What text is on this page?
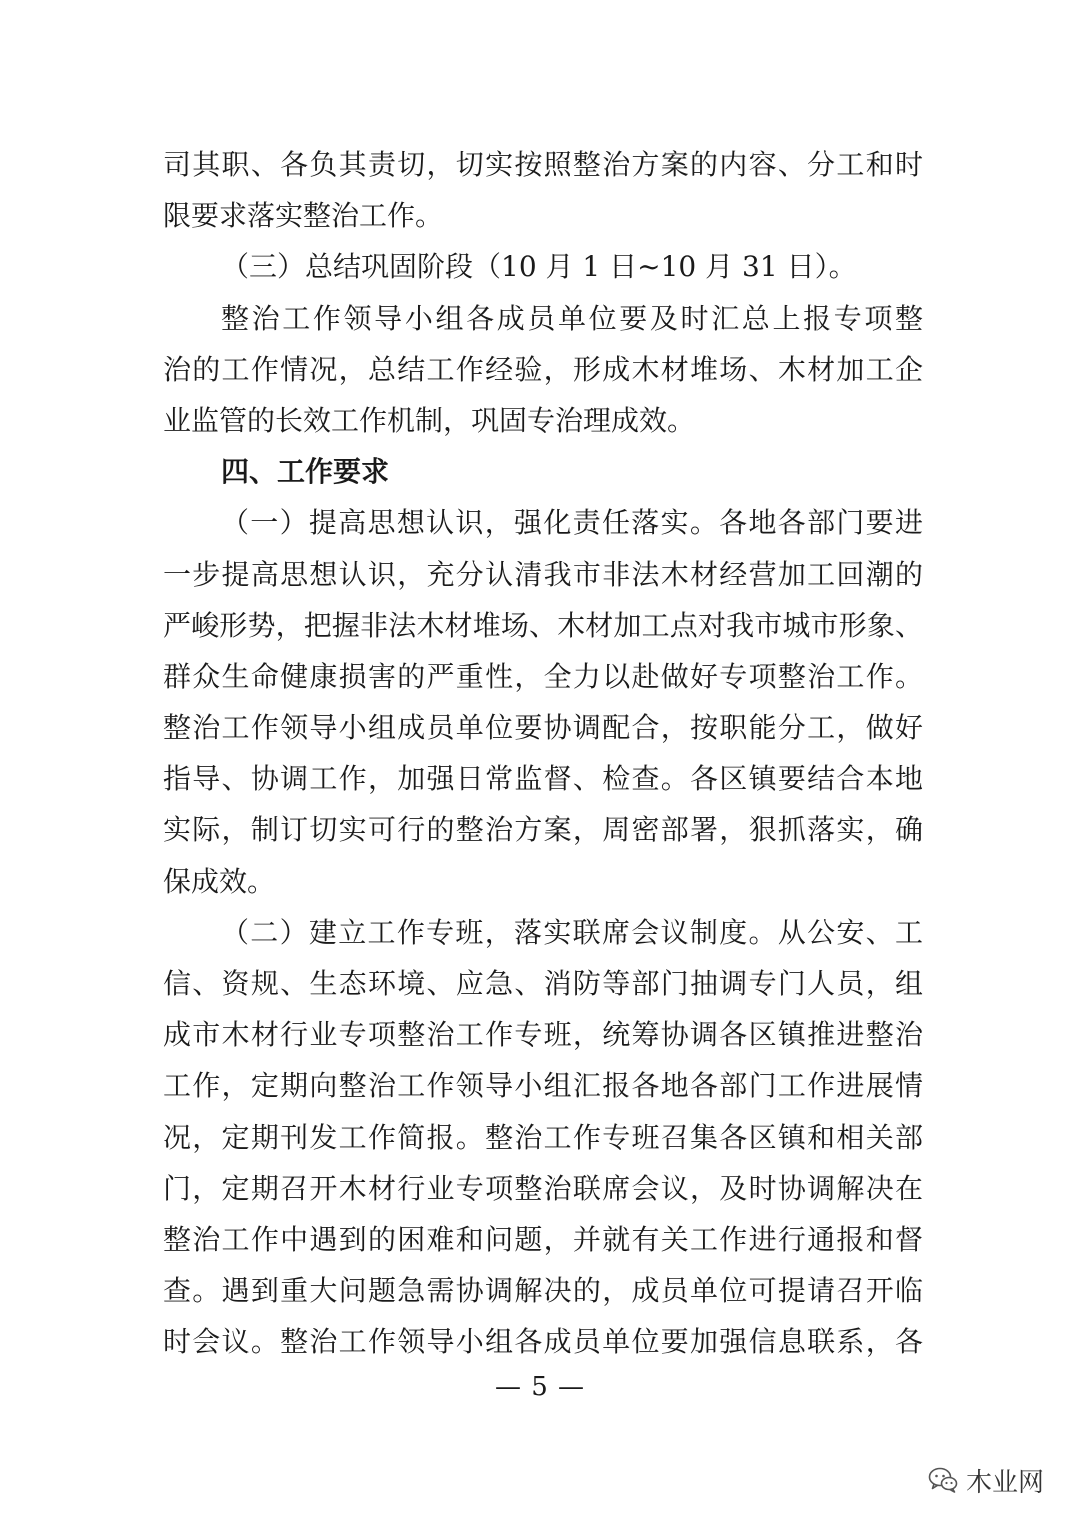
司其职、各负其责切，切实按照整治方案的内容、分工和时
限要求落实整治工作。
（三）总结巩固阶段（10 月 1 日~10 月 31 日）。
整治工作领导小组各成员单位要及时汇总上报专项整
治的工作情况，总结工作经验，形成木材堆场、木材加工企
业监管的长效工作机制，巩固专治理成效。
四、工作要求
（一）提高思想认识，强化责任落实。各地各部门要进
一步提高思想认识，充分认清我市非法木材经营加工回潮的
严峻形势，把握非法木材堆场、木材加工点对我市城市形象、
群众生命健康损害的严重性，全力以赴做好专项整治工作。
整治工作领导小组成员单位要协调配合，按职能分工，做好
指导、协调工作，加强日常监督、检查。各区镇要结合本地
实际，制订切实可行的整治方案，周密部署，狠抓落实，确
保成效。
（二）建立工作专班，落实联席会议制度。从公安、工
信、资规、生态环境、应急、消防等部门抽调专门人员，组
成市木材行业专项整治工作专班，统筹协调各区镇推进整治
工作，定期向整治工作领导小组汇报各地各部门工作进展情
况，定期刊发工作简报。整治工作专班召集各区镇和相关部
门，定期召开木材行业专项整治联席会议，及时协调解决在
整治工作中遇到的困难和问题，并就有关工作进行通报和督
查。遇到重大问题急需协调解决的，成员单位可提请召开临
时会议。整治工作领导小组各成员单位要加强信息联系，各
— 5 —
木业网
